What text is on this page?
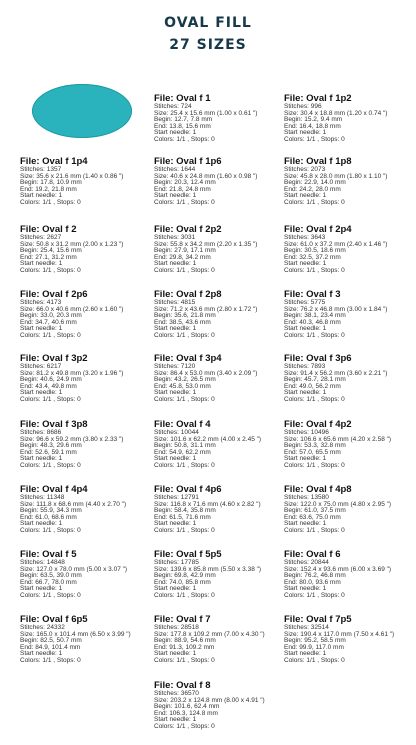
OVAL FILL
27 SIZES
File: Oval f 1
Stitches: 724
Size: 25.4 x 15.6 mm (1.00 x 0.61 ")
Begin: 12.7, 7.8 mm
End: 13.8, 15.6 mm
Start needle: 1
Colors: 1/1 , Stops: 0
File: Oval f 1p2
Stitches: 996
Size: 30.4 x 18.8 mm (1.20 x 0.74 ")
Begin: 15.2, 9.4 mm
End: 16.4, 18.8 mm
Start needle: 1
Colors: 1/1 , Stops: 0
File: Oval f 1p4
Stitches: 1357
Size: 35.6 x 21.6 mm (1.40 x 0.86 ")
Begin: 17.8, 10.9 mm
End: 19.2, 21.8 mm
Start needle: 1
Colors: 1/1 , Stops: 0
File: Oval f 1p6
Stitches: 1644
Size: 40.6 x 24.8 mm (1.60 x 0.98 ")
Begin: 20.3, 12.4 mm
End: 21.8, 24.8 mm
Start needle: 1
Colors: 1/1 , Stops: 0
File: Oval f 1p8
Stitches: 2073
Size: 45.8 x 28.0 mm (1.80 x 1.10 ")
Begin: 22.9, 14.0 mm
End: 24.2, 28.0 mm
Start needle: 1
Colors: 1/1 , Stops: 0
File: Oval f 2
Stitches: 2627
Size: 50.8 x 31.2 mm (2.00 x 1.23 ")
Begin: 25.4, 15.6 mm
End: 27.1, 31.2 mm
Start needle: 1
Colors: 1/1 , Stops: 0
File: Oval f 2p2
Stitches: 3031
Size: 55.8 x 34.2 mm (2.20 x 1.35 ")
Begin: 27.9, 17.1 mm
End: 29.8, 34.2 mm
Start needle: 1
Colors: 1/1 , Stops: 0
File: Oval f 2p4
Stitches: 3643
Size: 61.0 x 37.2 mm (2.40 x 1.46 ")
Begin: 30.5, 18.6 mm
End: 32.5, 37.2 mm
Start needle: 1
Colors: 1/1 , Stops: 0
File: Oval f 2p6
Stitches: 4173
Size: 66.0 x 40.6 mm (2.60 x 1.60 ")
Begin: 33.0, 20.3 mm
End: 34.7, 40.6 mm
Start needle: 1
Colors: 1/1 , Stops: 0
File: Oval f 2p8
Stitches: 4815
Size: 71.2 x 43.6 mm (2.80 x 1.72 ")
Begin: 35.6, 21.8 mm
End: 38.5, 43.6 mm
Start needle: 1
Colors: 1/1 , Stops: 0
File: Oval f 3
Stitches: 5775
Size: 76.2 x 46.8 mm (3.00 x 1.84 ")
Begin: 38.1, 23.4 mm
End: 40.3, 46.8 mm
Start needle: 1
Colors: 1/1 , Stops: 0
File: Oval f 3p2
Stitches: 6217
Size: 81.2 x 49.8 mm (3.20 x 1.96 ")
Begin: 40.6, 24.9 mm
End: 43.4, 49.8 mm
Start needle: 1
Colors: 1/1 , Stops: 0
File: Oval f 3p4
Stitches: 7120
Size: 86.4 x 53.0 mm (3.40 x 2.09 ")
Begin: 43.2, 26.5 mm
End: 45.8, 53.0 mm
Start needle: 1
Colors: 1/1 , Stops: 0
File: Oval f 3p6
Stitches: 7893
Size: 91.4 x 56.2 mm (3.60 x 2.21 ")
Begin: 45.7, 28.1 mm
End: 49.0, 56.2 mm
Start needle: 1
Colors: 1/1 , Stops: 0
File: Oval f 3p8
Stitches: 8686
Size: 96.6 x 59.2 mm (3.80 x 2.33 ")
Begin: 48.3, 29.6 mm
End: 52.6, 59.1 mm
Start needle: 1
Colors: 1/1 , Stops: 0
File: Oval f 4
Stitches: 10044
Size: 101.6 x 62.2 mm (4.00 x 2.45 ")
Begin: 50.8, 31.1 mm
End: 54.9, 62.2 mm
Start needle: 1
Colors: 1/1 , Stops: 0
File: Oval f 4p2
Stitches: 10496
Size: 106.6 x 65.6 mm (4.20 x 2.58 ")
Begin: 53.3, 32.8 mm
End: 57.0, 65.5 mm
Start needle: 1
Colors: 1/1 , Stops: 0
File: Oval f 4p4
Stitches: 11348
Size: 111.8 x 68.6 mm (4.40 x 2.70 ")
Begin: 55.9, 34.3 mm
End: 61.0, 68.6 mm
Start needle: 1
Colors: 1/1 , Stops: 0
File: Oval f 4p6
Stitches: 12791
Size: 116.8 x 71.6 mm (4.60 x 2.82 ")
Begin: 58.4, 35.8 mm
End: 61.5, 71.6 mm
Start needle: 1
Colors: 1/1 , Stops: 0
File: Oval f 4p8
Stitches: 13580
Size: 122.0 x 75.0 mm (4.80 x 2.95 ")
Begin: 61.0, 37.5 mm
End: 63.6, 75.0 mm
Start needle: 1
Colors: 1/1 , Stops: 0
File: Oval f 5
Stitches: 14848
Size: 127.0 x 78.0 mm (5.00 x 3.07 ")
Begin: 63.5, 39.0 mm
End: 66.7, 78.0 mm
Start needle: 1
Colors: 1/1 , Stops: 0
File: Oval f 5p5
Stitches: 17785
Size: 139.6 x 85.8 mm (5.50 x 3.38 ")
Begin: 69.8, 42.9 mm
End: 74.0, 85.8 mm
Start needle: 1
Colors: 1/1 , Stops: 0
File: Oval f 6
Stitches: 20844
Size: 152.4 x 93.6 mm (6.00 x 3.69 ")
Begin: 76.2, 46.8 mm
End: 80.0, 93.6 mm
Start needle: 1
Colors: 1/1 , Stops: 0
File: Oval f 6p5
Stitches: 24332
Size: 165.0 x 101.4 mm (6.50 x 3.99 ")
Begin: 82.5, 50.7 mm
End: 84.9, 101.4 mm
Start needle: 1
Colors: 1/1 , Stops: 0
File: Oval f 7
Stitches: 28518
Size: 177.8 x 109.2 mm (7.00 x 4.30 ")
Begin: 88.9, 54.6 mm
End: 91.3, 109.2 mm
Start needle: 1
Colors: 1/1 , Stops: 0
File: Oval f 7p5
Stitches: 32514
Size: 190.4 x 117.0 mm (7.50 x 4.61 ")
Begin: 95.2, 58.5 mm
End: 99.9, 117.0 mm
Start needle: 1
Colors: 1/1 , Stops: 0
File: Oval f 8
Stitches: 36570
Size: 203.2 x 124.8 mm (8.00 x 4.91 ")
Begin: 101.6, 62.4 mm
End: 106.3, 124.8 mm
Start needle: 1
Colors: 1/1 , Stops: 0
